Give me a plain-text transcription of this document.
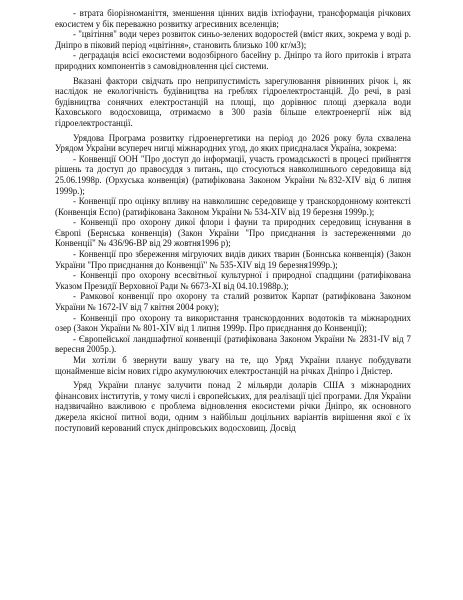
- втрата біорізноманіття, зменшення цінних видів іхтіофауни, трансформація річкових екосистем у бік переважно розвитку агресивних вселенців;

- "цвітіння" води через розвиток синьо-зелених водоростей (вміст яких, зокрема у воді р. Дніпро в піковий період «цвітіння», становить близько 100 кг/м3);

- деградація всієї екосистеми водозбірного басейну р. Дніпро та його притоків і втрата природних компонентів з самовідновлення цієї системи.

Вказані фактори свідчать про неприпустимість зарегулювання рівнинних річок і, як наслідок не екологічність будівництва на греблях гідроелектростанцій. До речі, в разі будівництва сонячних електростанцій на площі, що дорівнює площі дзеркала води Каховського водосховища, отримаємо в 300 разів більше електроенергії ніж від гідроелектростанції.

Урядова Програма розвитку гідроенергетики на період до 2026 року була схвалена Урядом України всупереч нигці міжнародних угод, до яких приєдналася Україна, зокрема:

- Конвенції ООН "Про доступ до інформації, участь громадськості в процесі прийняття рішень та доступ до правосуддя з питань, що стосуються навколишнього середовища від 25.06.1998р. (Орхуська конвенція) (ратифікована Законом України №832-XIV від 6 липня 1999р.);

- Конвенції про оцінку впливу на навколишнє середовище у транскордонному контексті (Конвенція Еспо) (ратифікована Законом України № 534-XIV від 19 березня 1999р.);

- Конвенції про охорону дикої флори і фауни та природних середовищ існування в Європі (Бернська конвенція) (Закон України "Про приєднання із застереженнями до Конвенції" № 436/96-ВР від 29 жовтня1996 р);

- Конвенції про збереження мігруючих видів диких тварин (Боннська конвенція) (Закон України "Про приєднання до Конвенції" № 535-XIV від 19 березня1999р.);

- Конвенції про охорону всесвітньої культурної і природної спадщини (ратифікована Указом Президії Верховної Ради № 6673-XI від 04.10.1988р.);

- Рамкової конвенції про охорону та сталий розвиток Карпат (ратифікована Законом України № 1672-IV від 7 квітня 2004 року);

- Конвенції про охорону та використання транскордонних водотоків та міжнародних озер (Закон України № 801-XIV від 1 липня 1999р. Про приєднання до Конвенції);

- Європейської ландшафтної конвенції (ратифікована Законом України № 2831-IV від 7 вересня 2005р.).

Ми хотіли б звернути вашу увагу на те, що Уряд України планує побудувати щонайменше вісім нових гідро акумулюючих електростанцій на річках Дніпро і Дністер.

Уряд України планує залучити понад 2 мільярди доларів США з міжнародних фінансових інститутів, у тому числі і європейських, для реалізації цієї програми. Для України надзвичайно важливою є проблема відновлення екосистеми річки Дніпро, як основного джерела якісної питної води, одним з найбільш доцільних варіантів вирішення якої є їх поступовий керований спуск дніпровських водосховищ. Досвід
